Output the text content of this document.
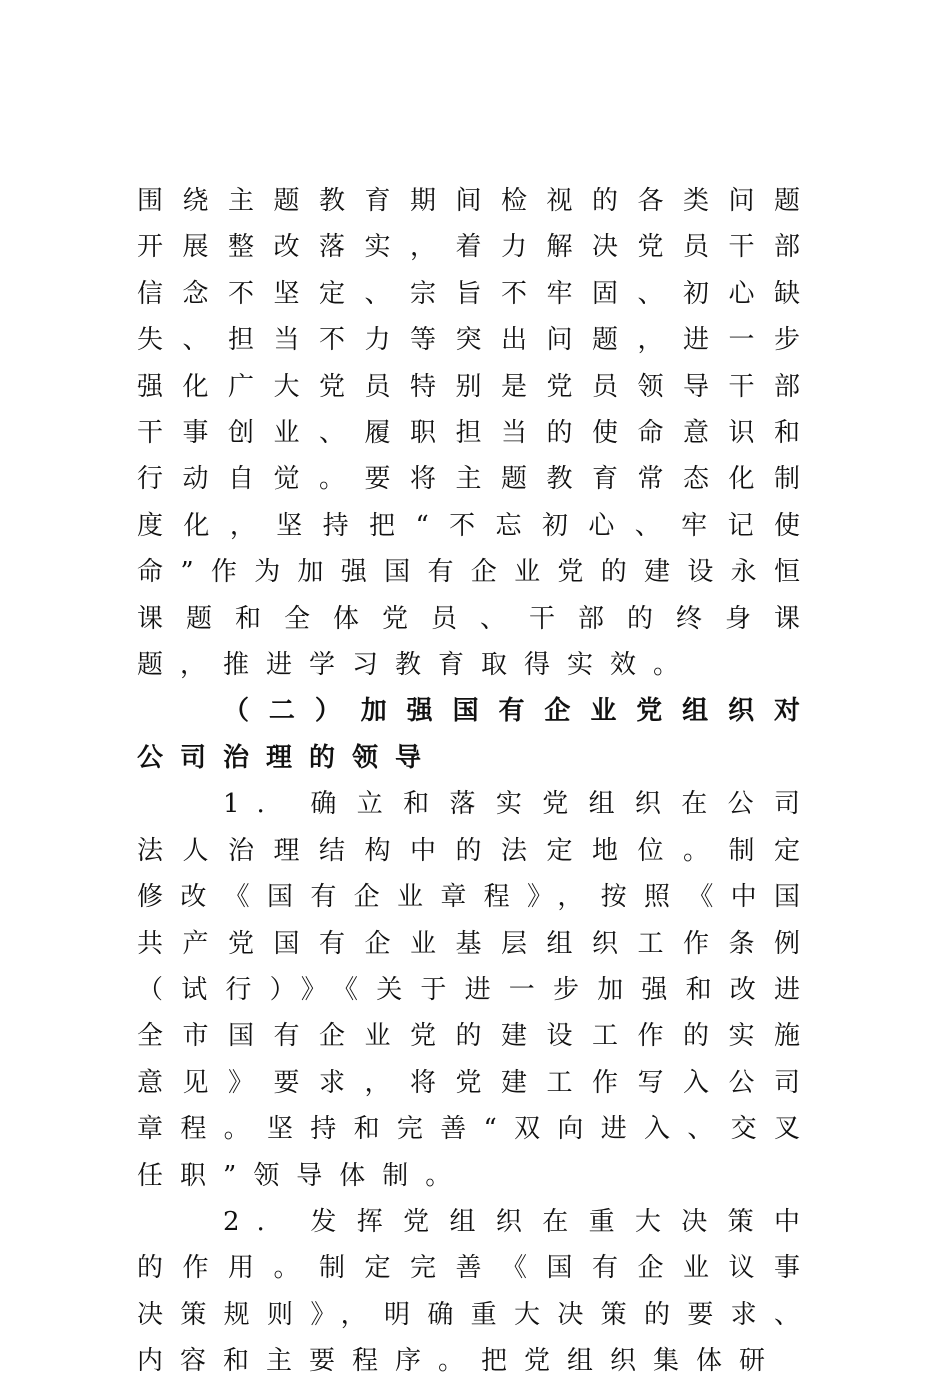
围绕主题教育期间检视的各类问题开展整改落实，着力解决党员干部信念不坚定、宗旨不牢固、初心缺失、担当不力等突出问题，进一步强化广大党员特别是党员领导干部干事创业、履职担当的使命意识和行动自觉。要将主题教育常态化制度化，坚持把“不忘初心、牢记使命”作为加强国有企业党的建设永恒课题和全体党员、干部的终身课题，推进学习教育取得实效。

（二）加强国有企业党组织对公司治理的领导

1. 确立和落实党组织在公司法人治理结构中的法定地位。制定修改《国有企业章程》，按照《中国共产党国有企业基层组织工作条例（试行）》《关于进一步加强和改进全市国有企业党的建设工作的实施意见》要求，将党建工作写入公司章程。坚持和完善“双向进入、交叉任职”领导体制。

2. 发挥党组织在重大决策中的作用。制定完善《国有企业议事决策规则》，明确重大决策的要求、内容和主要程序。把党组织集体研
